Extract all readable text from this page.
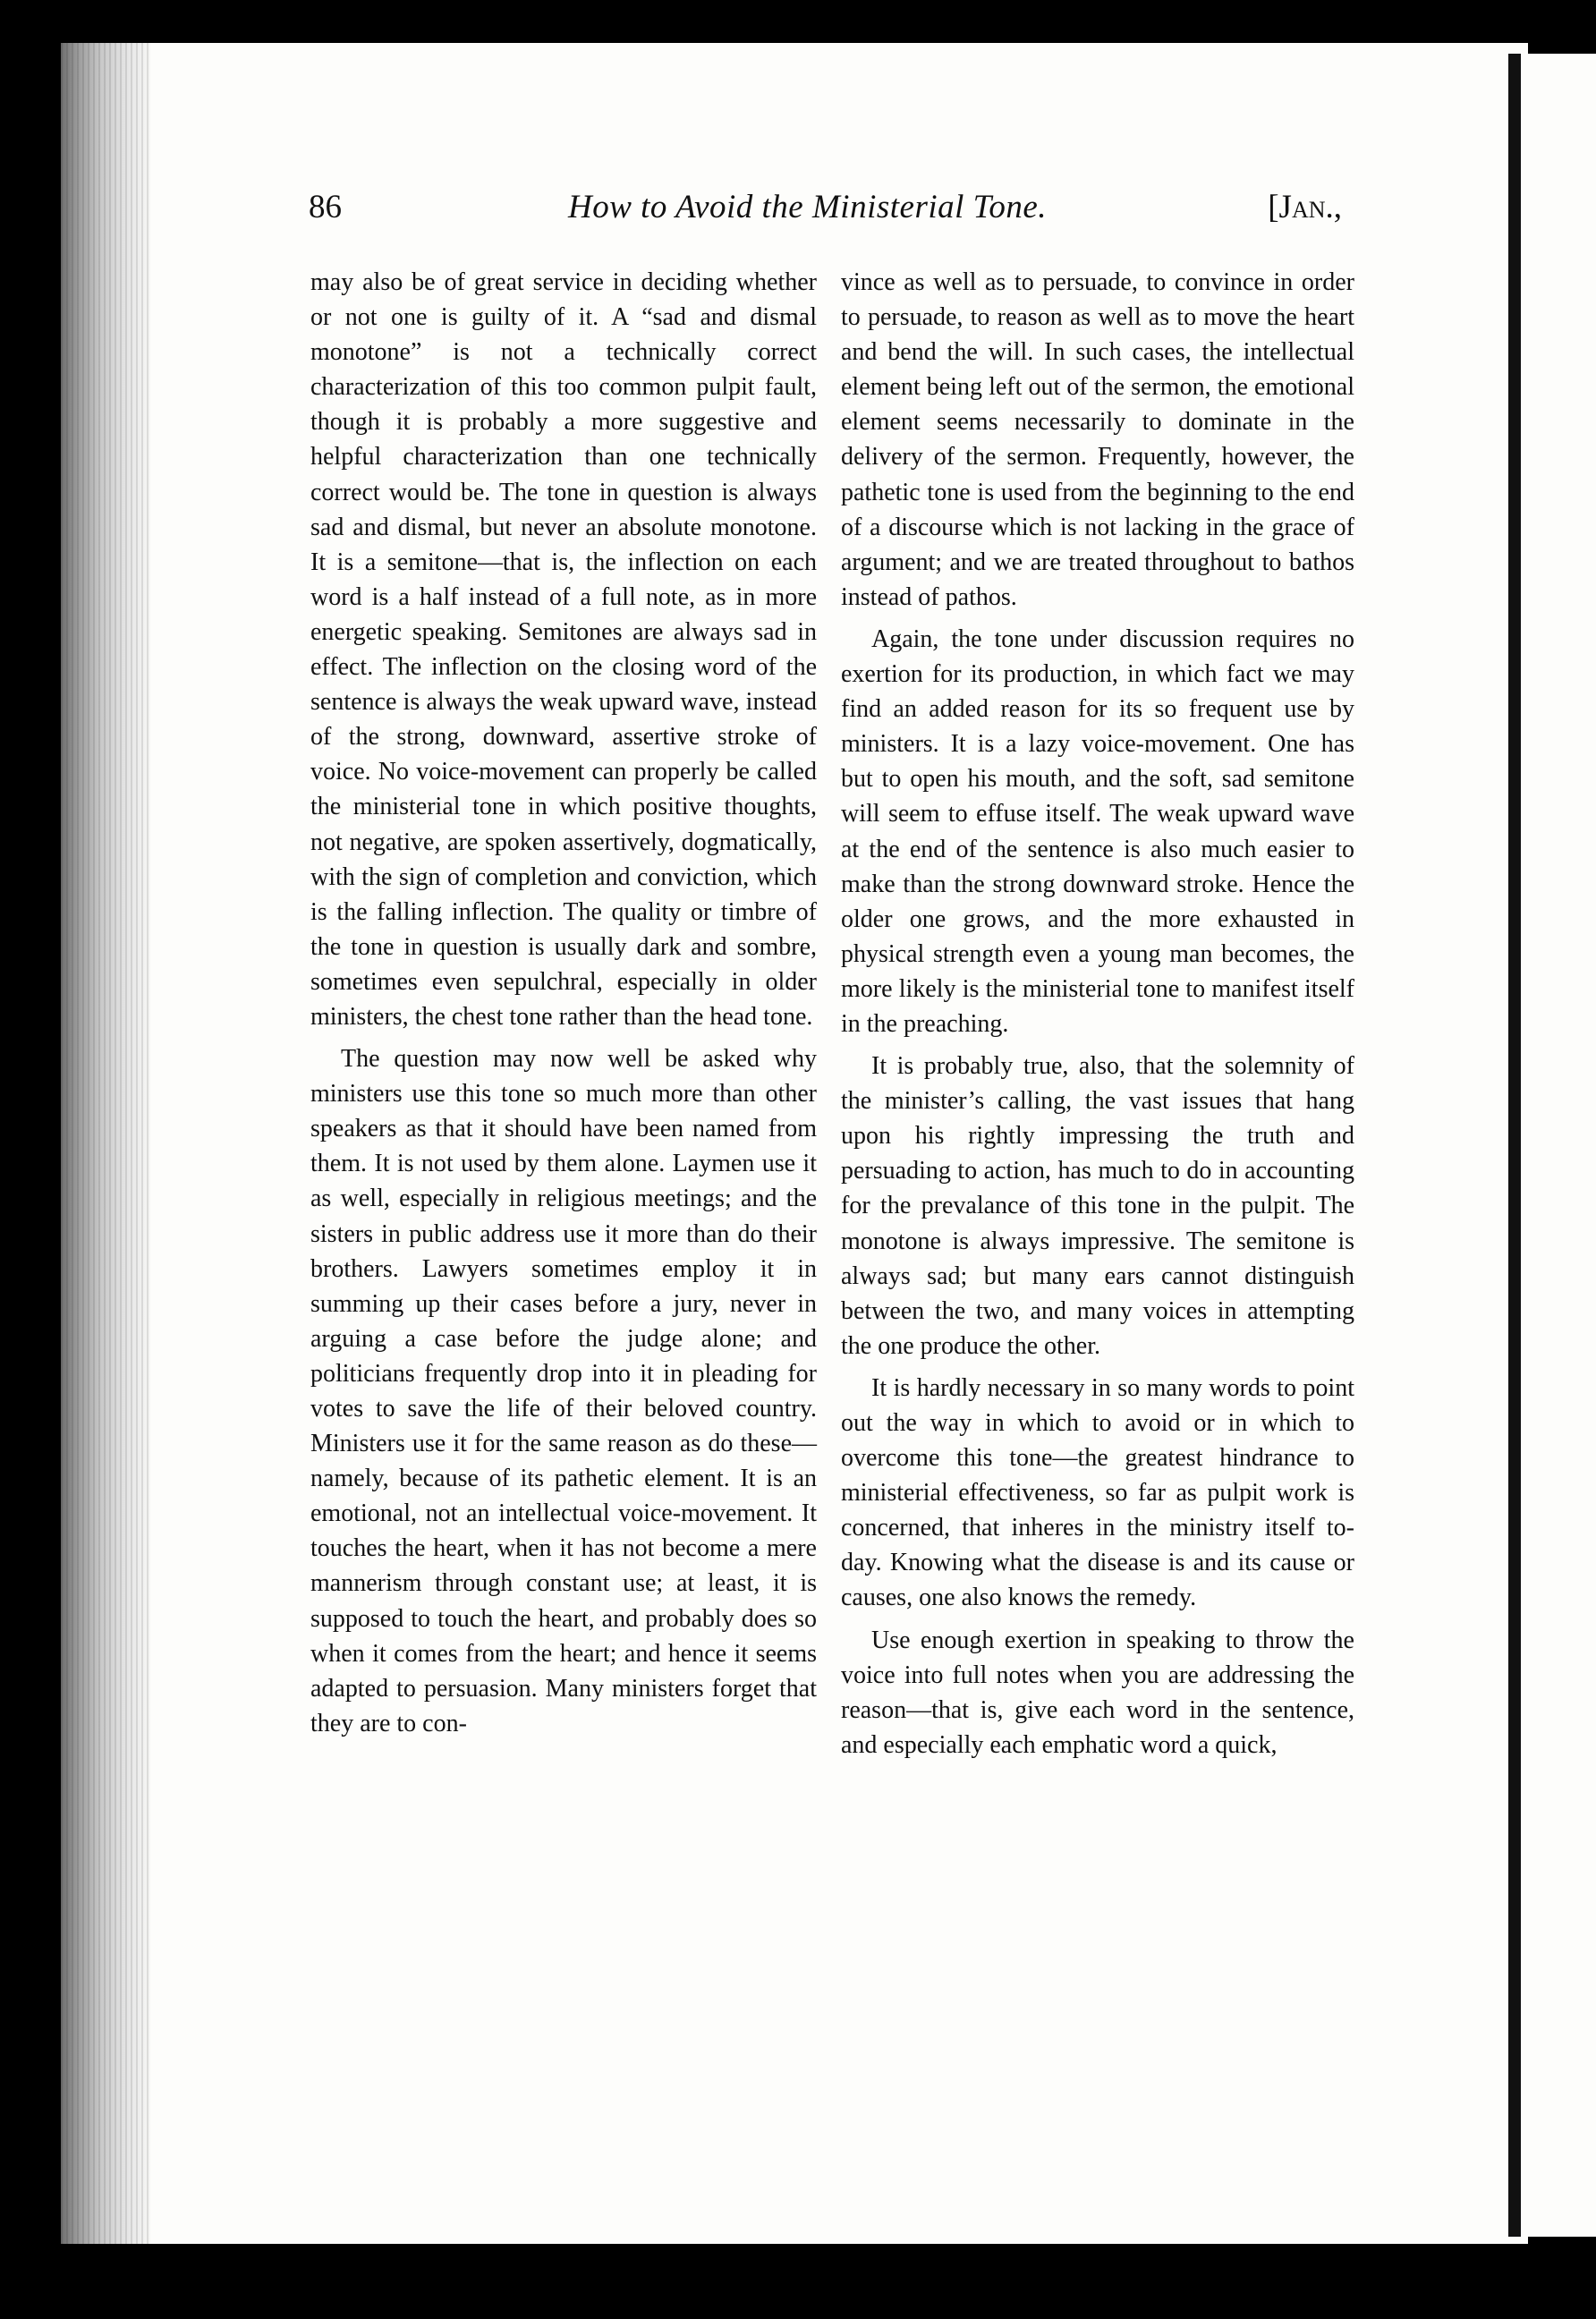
86	How to Avoid the Ministerial Tone.	[Jan.,

may also be of great service in deciding whether or not one is guilty of it. A “sad and dismal monotone” is not a technically correct characterization of this too common pulpit fault, though it is probably a more suggestive and helpful characterization than one technically correct would be. The tone in question is always sad and dismal, but never an absolute monotone. It is a semitone—that is, the inflection on each word is a half instead of a full note, as in more energetic speaking. Semitones are always sad in effect. The inflection on the closing word of the sentence is always the weak upward wave, instead of the strong, downward, assertive stroke of voice. No voice-movement can properly be called the ministerial tone in which positive thoughts, not negative, are spoken assertively, dogmatically, with the sign of completion and conviction, which is the falling inflection. The quality or timbre of the tone in question is usually dark and sombre, sometimes even sepulchral, especially in older ministers, the chest tone rather than the head tone.

The question may now well be asked why ministers use this tone so much more than other speakers as that it should have been named from them. It is not used by them alone. Laymen use it as well, especially in religious meetings; and the sisters in public address use it more than do their brothers. Lawyers sometimes employ it in summing up their cases before a jury, never in arguing a case before the judge alone; and politicians frequently drop into it in pleading for votes to save the life of their beloved country. Ministers use it for the same reason as do these—namely, because of its pathetic element. It is an emotional, not an intellectual voice-movement. It touches the heart, when it has not become a mere mannerism through constant use; at least, it is supposed to touch the heart, and probably does so when it comes from the heart; and hence it seems adapted to persuasion. Many ministers forget that they are to con-

vince as well as to persuade, to convince in order to persuade, to reason as well as to move the heart and bend the will. In such cases, the intellectual element being left out of the sermon, the emotional element seems necessarily to dominate in the delivery of the sermon. Frequently, however, the pathetic tone is used from the beginning to the end of a discourse which is not lacking in the grace of argument; and we are treated throughout to bathos instead of pathos.

Again, the tone under discussion requires no exertion for its production, in which fact we may find an added reason for its so frequent use by ministers. It is a lazy voice-movement. One has but to open his mouth, and the soft, sad semitone will seem to effuse itself. The weak upward wave at the end of the sentence is also much easier to make than the strong downward stroke. Hence the older one grows, and the more exhausted in physical strength even a young man becomes, the more likely is the ministerial tone to manifest itself in the preaching.

It is probably true, also, that the solemnity of the minister’s calling, the vast issues that hang upon his rightly impressing the truth and persuading to action, has much to do in accounting for the prevalance of this tone in the pulpit. The monotone is always impressive. The semitone is always sad; but many ears cannot distinguish between the two, and many voices in attempting the one produce the other.

It is hardly necessary in so many words to point out the way in which to avoid or in which to overcome this tone—the greatest hindrance to ministerial effectiveness, so far as pulpit work is concerned, that inheres in the ministry itself to-day. Knowing what the disease is and its cause or causes, one also knows the remedy.

Use enough exertion in speaking to throw the voice into full notes when you are addressing the reason—that is, give each word in the sentence, and especially each emphatic word a quick,
